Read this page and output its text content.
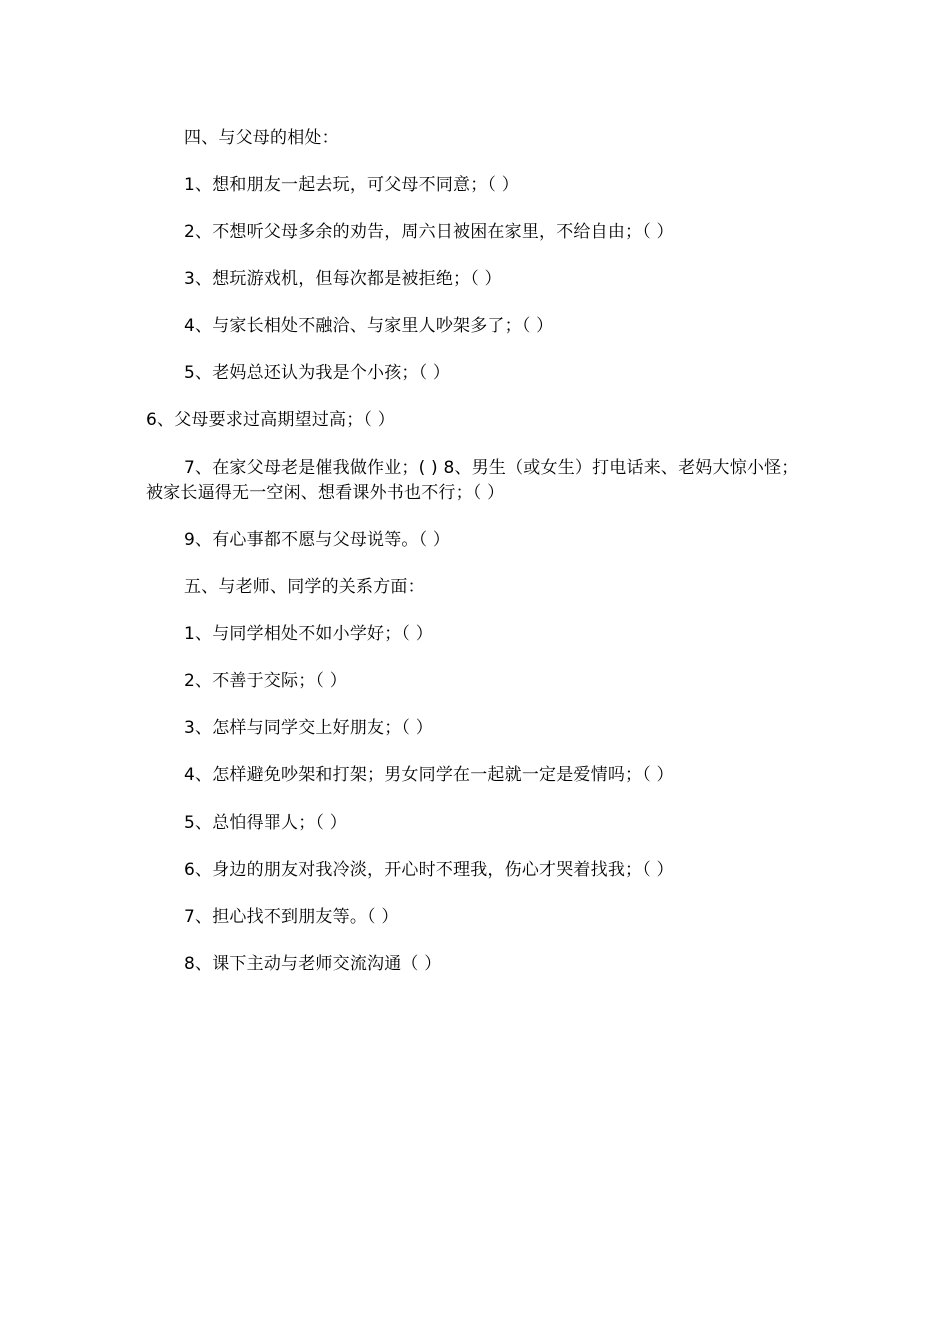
四、与父母的相处：
1、想和朋友一起去玩，可父母不同意；（ ）
2、不想听父母多余的劝告，周六日被困在家里，不给自由；（ ）
3、想玩游戏机，但每次都是被拒绝；（ ）
4、与家长相处不融洽、与家里人吵架多了；（ ）
5、老妈总还认为我是个小孩；（ ）
6、父母要求过高期望过高；（ ）
7、在家父母老是催我做作业；( ) 8、男生（或女生）打电话来、老妈大惊小怪；
被家长逼得无一空闲、想看课外书也不行；（ ）
9、有心事都不愿与父母说等。（ ）
五、与老师、同学的关系方面：
1、与同学相处不如小学好；（ ）
2、不善于交际；（ ）
3、怎样与同学交上好朋友；（ ）
4、怎样避免吵架和打架；男女同学在一起就一定是爱情吗；（ ）
5、总怕得罪人；（ ）
6、身边的朋友对我冷淡，开心时不理我，伤心才哭着找我；（ ）
7、担心找不到朋友等。（ ）
8、课下主动与老师交流沟通（ ）
